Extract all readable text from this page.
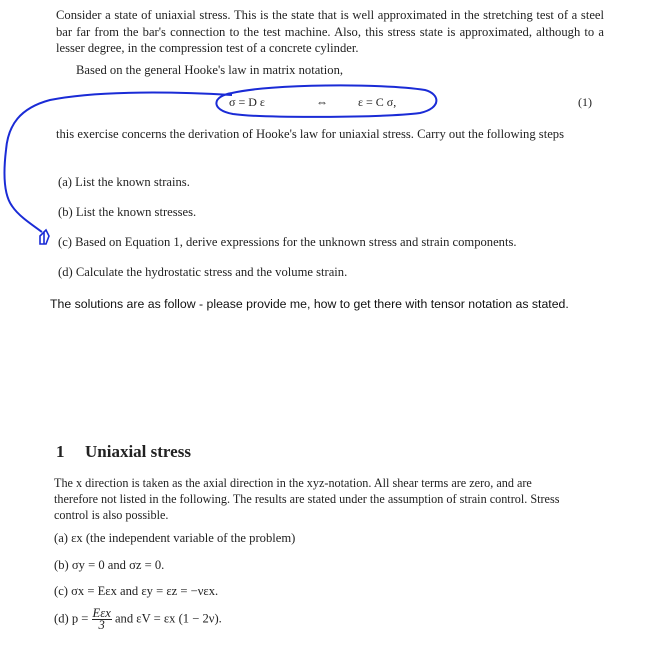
Consider a state of uniaxial stress. This is the state that is well approximated in the stretching test of a steel bar far from the bar's connection to the test machine. Also, this stress state is approximated, although to a lesser degree, in the compression test of a concrete cylinder.
Based on the general Hooke's law in matrix notation,
σ = D ε	⇔	ε = C σ,	(1)
this exercise concerns the derivation of Hooke's law for uniaxial stress. Carry out the following steps
(a) List the known strains.
(b) List the known stresses.
(c) Based on Equation 1, derive expressions for the unknown stress and strain components.
(d) Calculate the hydrostatic stress and the volume strain.
The solutions are as follow - please provide me, how to get there with tensor notation as stated.
1 Uniaxial stress
The x direction is taken as the axial direction in the xyz-notation. All shear terms are zero, and are therefore not listed in the following. The results are stated under the assumption of strain control. Stress control is also possible.
(a) εx (the independent variable of the problem)
(b) σy = 0 and σz = 0.
(c) σx = Eεx and εy = εz = −νεx.
(d) $p = \frac{\text{Eεx}}{3}$ and εV = εx (1 − 2ν).
